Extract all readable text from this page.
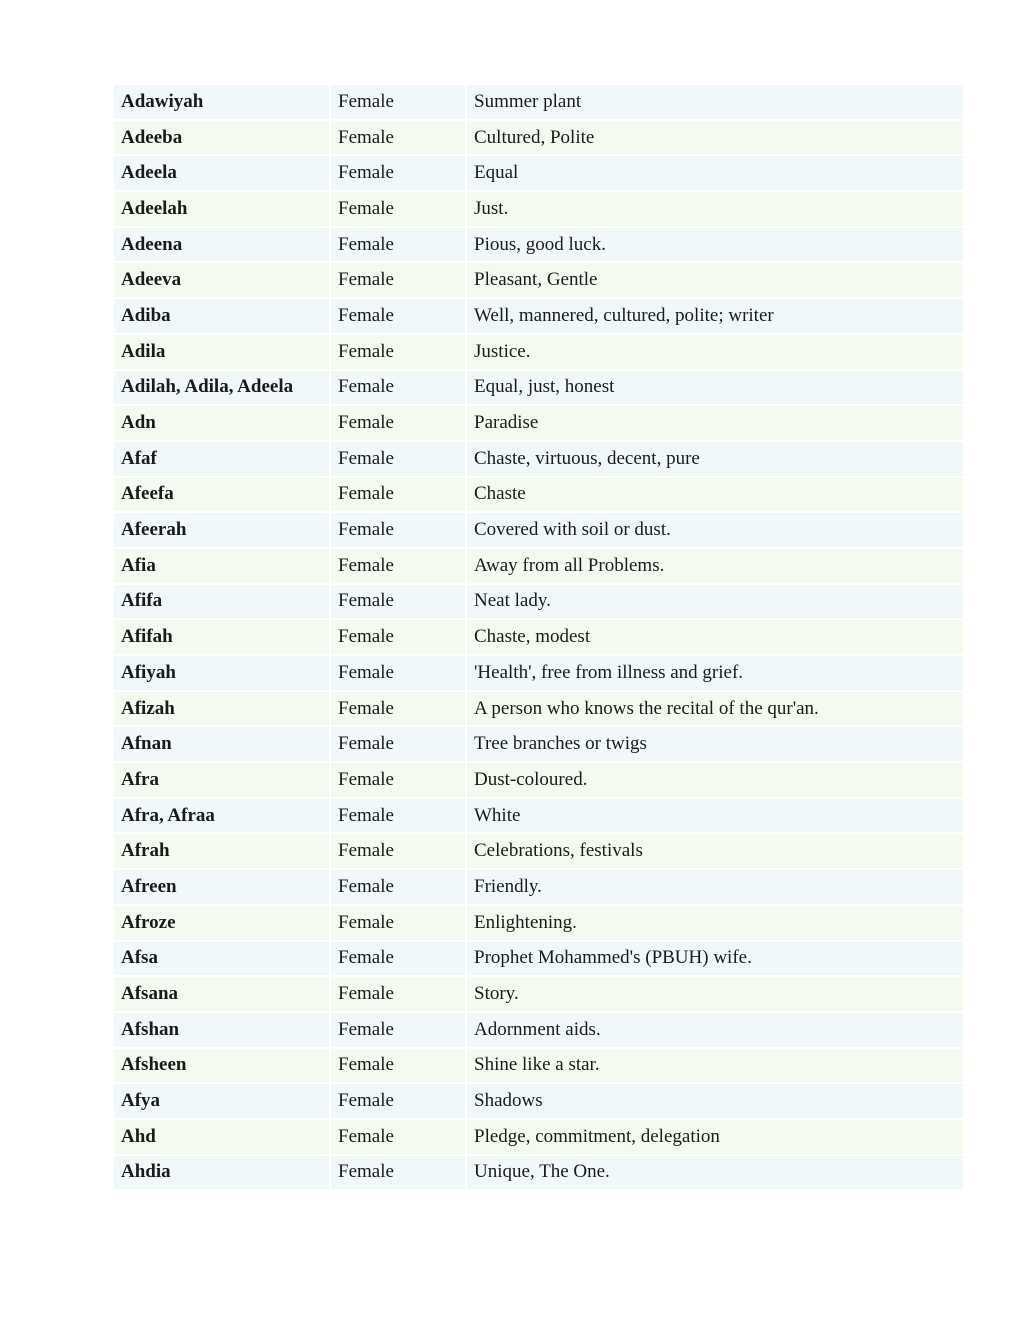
Adawiyah	Female	Summer plant
Adeeba	Female	Cultured, Polite
Adeela	Female	Equal
Adeelah	Female	Just.
Adeena	Female	Pious, good luck.
Adeeva	Female	Pleasant, Gentle
Adiba	Female	Well, mannered, cultured, polite; writer
Adila	Female	Justice.
Adilah, Adila, Adeela	Female	Equal, just, honest
Adn	Female	Paradise
Afaf	Female	Chaste, virtuous, decent, pure
Afeefa	Female	Chaste
Afeerah	Female	Covered with soil or dust.
Afia	Female	Away from all Problems.
Afifa	Female	Neat lady.
Afifah	Female	Chaste, modest
Afiyah	Female	'Health', free from illness and grief.
Afizah	Female	A person who knows the recital of the qur'an.
Afnan	Female	Tree branches or twigs
Afra	Female	Dust-coloured.
Afra, Afraa	Female	White
Afrah	Female	Celebrations, festivals
Afreen	Female	Friendly.
Afroze	Female	Enlightening.
Afsa	Female	Prophet Mohammed's (PBUH) wife.
Afsana	Female	Story.
Afshan	Female	Adornment aids.
Afsheen	Female	Shine like a star.
Afya	Female	Shadows
Ahd	Female	Pledge, commitment, delegation
Ahdia	Female	Unique, The One.
